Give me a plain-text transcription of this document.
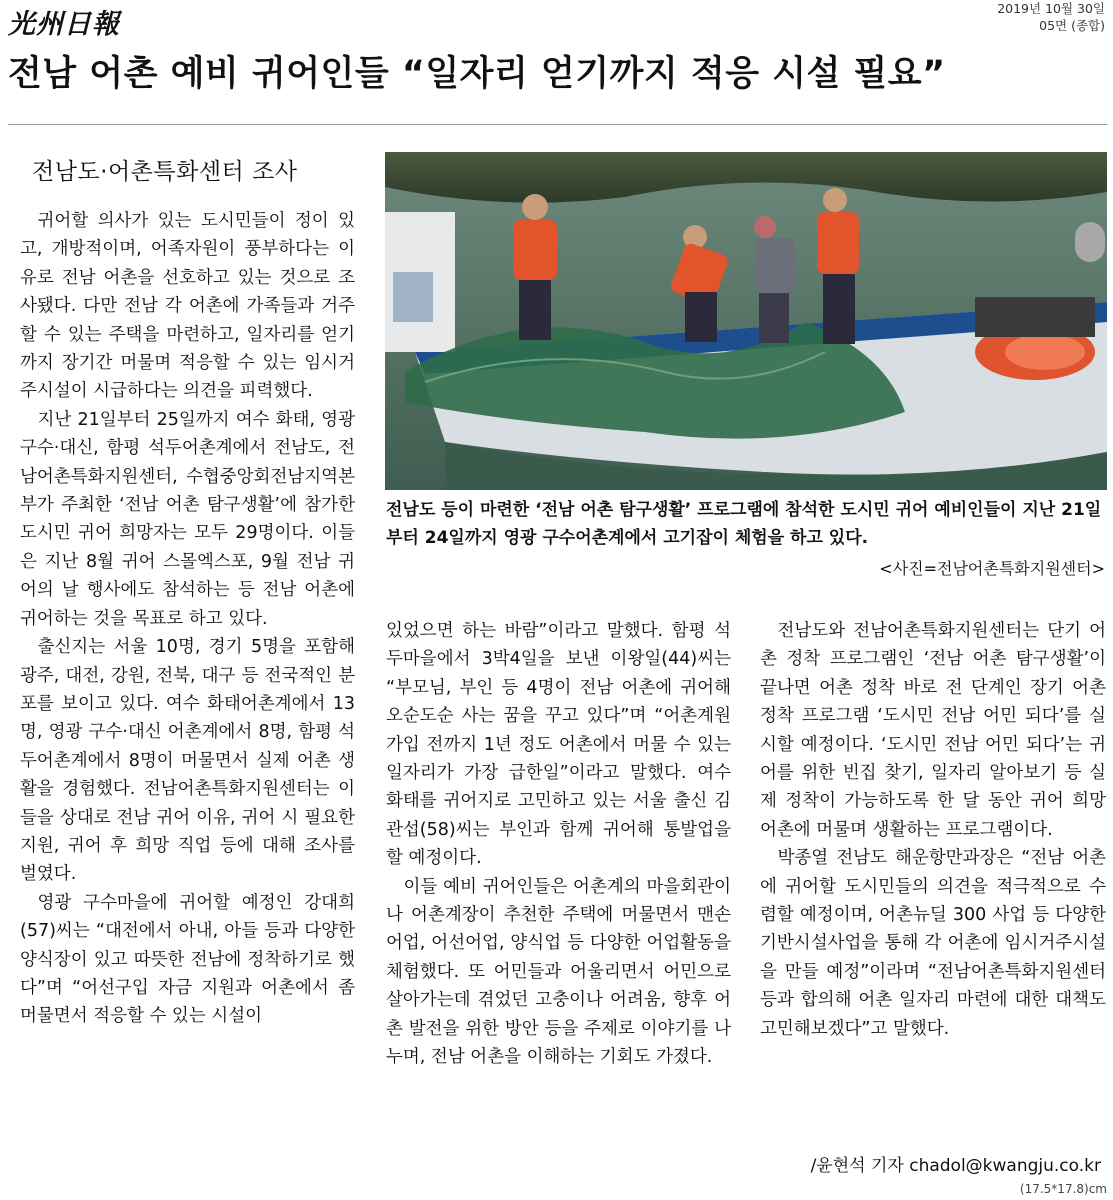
光州日報
2019년 10월 30일
05면 (종합)
전남 어촌 예비 귀어인들 “일자리 얻기까지 적응 시설 필요”
전남도·어촌특화센터 조사

귀어할 의사가 있는 도시민들이 정이 있고, 개방적이며, 어족자원이 풍부하다는 이유로 전남 어촌을 선호하고 있는 것으로 조사됐다. 다만 전남 각 어촌에 가족들과 거주할 수 있는 주택을 마련하고, 일자리를 얻기까지 장기간 머물며 적응할 수 있는 임시거주시설이 시급하다는 의견을 피력했다.

지난 21일부터 25일까지 여수 화태, 영광 구수·대신, 함평 석두어촌계에서 전남도, 전남어촌특화지원센터, 수협중앙회전남지역본부가 주최한 ‘전남 어촌 탐구생활’에 참가한 도시민 귀어 희망자는 모두 29명이다. 이들은 지난 8월 귀어 스몰엑스포, 9월 전남 귀어의 날 행사에도 참석하는 등 전남 어촌에 귀어하는 것을 목표로 하고 있다.

출신지는 서울 10명, 경기 5명을 포함해 광주, 대전, 강원, 전북, 대구 등 전국적인 분포를 보이고 있다. 여수 화태어촌계에서 13명, 영광 구수·대신 어촌계에서 8명, 함평 석두어촌계에서 8명이 머물면서 실제 어촌 생활을 경험했다. 전남어촌특화지원센터는 이들을 상대로 전남 귀어 이유, 귀어 시 필요한 지원, 귀어 후 희망 직업 등에 대해 조사를 벌였다.

영광 구수마을에 귀어할 예정인 강대희(57)씨는 “대전에서 아내, 아들 등과 다양한 양식장이 있고 따뜻한 전남에 정착하기로 했다”며 “어선구입 자금 지원과 어촌에서 좀 머물면서 적응할 수 있는 시설이

전남도 등이 마련한 ‘전남 어촌 탐구생활’ 프로그램에 참석한 도시민 귀어 예비인들이 지난 21일부터 24일까지 영광 구수어촌계에서 고기잡이 체험을 하고 있다.
<사진=전남어촌특화지원센터>

있었으면 하는 바람”이라고 말했다. 함평 석두마을에서 3박4일을 보낸 이왕일(44)씨는 “부모님, 부인 등 4명이 전남 어촌에 귀어해 오순도순 사는 꿈을 꾸고 있다”며 “어촌계원 가입 전까지 1년 정도 어촌에서 머물 수 있는 일자리가 가장 급한일”이라고 말했다. 여수 화태를 귀어지로 고민하고 있는 서울 출신 김관섭(58)씨는 부인과 함께 귀어해 통발업을 할 예정이다.

이들 예비 귀어인들은 어촌계의 마을회관이나 어촌계장이 추천한 주택에 머물면서 맨손어업, 어선어업, 양식업 등 다양한 어업활동을 체험했다. 또 어민들과 어울리면서 어민으로 살아가는데 겪었던 고충이나 어려움, 향후 어촌 발전을 위한 방안 등을 주제로 이야기를 나누며, 전남 어촌을 이해하는 기회도 가졌다.

전남도와 전남어촌특화지원센터는 단기 어촌 정착 프로그램인 ‘전남 어촌 탐구생활’이 끝나면 어촌 정착 바로 전 단계인 장기 어촌 정착 프로그램 ‘도시민 전남 어민 되다’를 실시할 예정이다. ‘도시민 전남 어민 되다’는 귀어를 위한 빈집 찾기, 일자리 알아보기 등 실제 정착이 가능하도록 한 달 동안 귀어 희망 어촌에 머물며 생활하는 프로그램이다.

박종열 전남도 해운항만과장은 “전남 어촌에 귀어할 도시민들의 의견을 적극적으로 수렴할 예정이며, 어촌뉴딜 300 사업 등 다양한 기반시설사업을 통해 각 어촌에 임시거주시설을 만들 예정”이라며 “전남어촌특화지원센터 등과 합의해 어촌 일자리 마련에 대한 대책도 고민해보겠다”고 말했다.

/윤현석 기자 chadol@kwangju.co.kr
(17.5*17.8)cm
